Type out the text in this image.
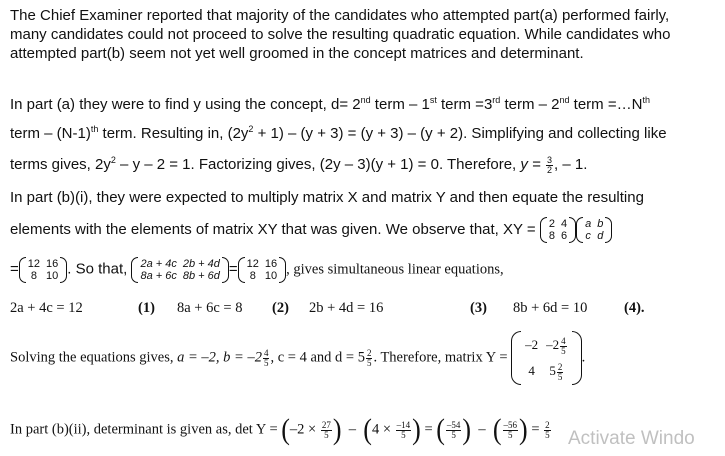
The Chief Examiner reported that majority of the candidates who attempted part(a) performed fairly, many candidates could not proceed to solve the resulting quadratic equation. While candidates who attempted part(b) seem not yet well groomed in the concept matrices and determinant.
In part (a) they were to find y using the concept, d= 2nd term – 1st term =3rd term – 2nd term $=\dots N^{th}$
term – $(N-1)^{th}$ term. Resulting in, $(2y^2 + 1) - (y + 3) = (y + 3) - (y + 2)$. Simplifying and collecting like
terms gives, $2y^2 - y - 2 = 1$. Factorizing gives, (2y – 3)(y + 1) = 0. Therefore, $y = \frac{3}{2}$ , – 1.
In part (b)(i), they were expected to multiply matrix X and matrix Y and then equate the resulting
elements with the elements of matrix XY that was given. We observe that, XY = 2	4
8	6
a	b
c	d
= 12	16
8	10 . So that, 2a + 4c	2b + 4d
8a + 6c	8b + 6d = 12	16
8	10 , gives simultaneous linear equations,
2a + 4c = 12	(1) 8a + 6c = 8 (2) 2b + 4d = 16	(3) 8b + 6d = 10	(4).
Solving the equations gives, a = –2, $b = -2 \frac{4}{5}$ , c = 4 and $d = 5 \frac{2}{5}$ . Therefore, matrix Y =
–2	$-2 \frac{4}{5}$

4	$5 \frac{2}{5}$
.
In part (b)(ii), determinant is given as, $\det Y = (-2 \times \frac{27}{5}$ ) – ($4 \times \frac{-14}{5}$ ) = ( $\frac{-54}{5}$ ) – ( $\frac{-56}{5}$ ) = $\frac{2}{5}$ Activate Windo
